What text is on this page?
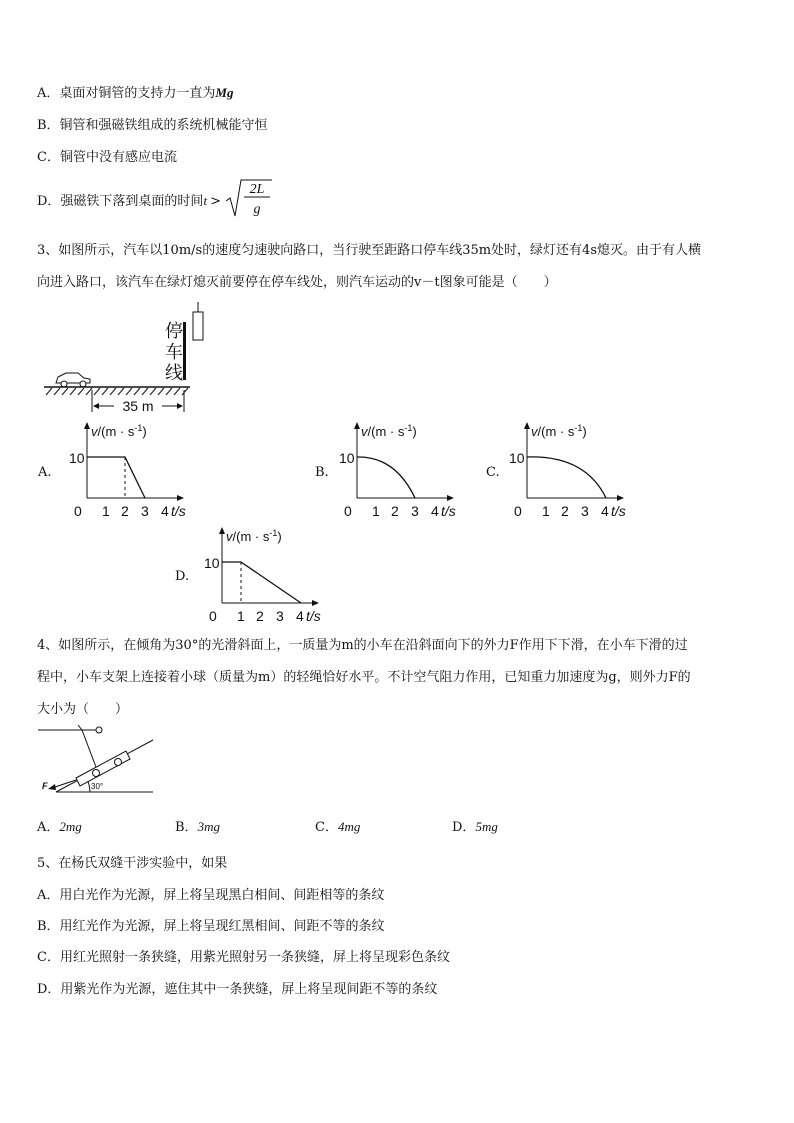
A．桌面对铜管的支持力一直为Mg
B．铜管和强磁铁组成的系统机械能守恒
C．铜管中没有感应电流
D．强磁铁下落到桌面的时间t >
2L
g
3、如图所示，汽车以10m/s的速度匀速驶向路口，当行驶至距路口停车线35m处时，绿灯还有4s熄灭。由于有人横
向进入路口，该汽车在绿灯熄灭前要停在停车线处，则汽车运动的v－t图象可能是（　　）
停
车
线
35 m
A.	B.	C.
D.
$v/(m \cdot s^{-1})$
10
0 1 2 3 4 t/s
$v/(m \cdot s^{-1})$
10
0 1 2 3 4 t/s
$v/(m \cdot s^{-1})$
10
0 1 2 3 4 t/s
$v/(m \cdot s^{-1})$
10
0 1 2 3 4 t/s
4、如图所示，在倾角为30°的光滑斜面上，一质量为m的小车在沿斜面向下的外力F作用下下滑，在小车下滑的过
程中，小车支架上连接着小球（质量为m）的轻绳恰好水平。不计空气阻力作用，已知重力加速度为g，则外力F的
大小为（　　）
30°
F
A．2mg	B．3mg	C．4mg	D．5mg
5、在杨氏双缝干涉实验中，如果
A．用白光作为光源，屏上将呈现黑白相间、间距相等的条纹
B．用红光作为光源，屏上将呈现红黑相间、间距不等的条纹
C．用红光照射一条狭缝，用紫光照射另一条狭缝，屏上将呈现彩色条纹
D．用紫光作为光源，遮住其中一条狭缝，屏上将呈现间距不等的条纹
